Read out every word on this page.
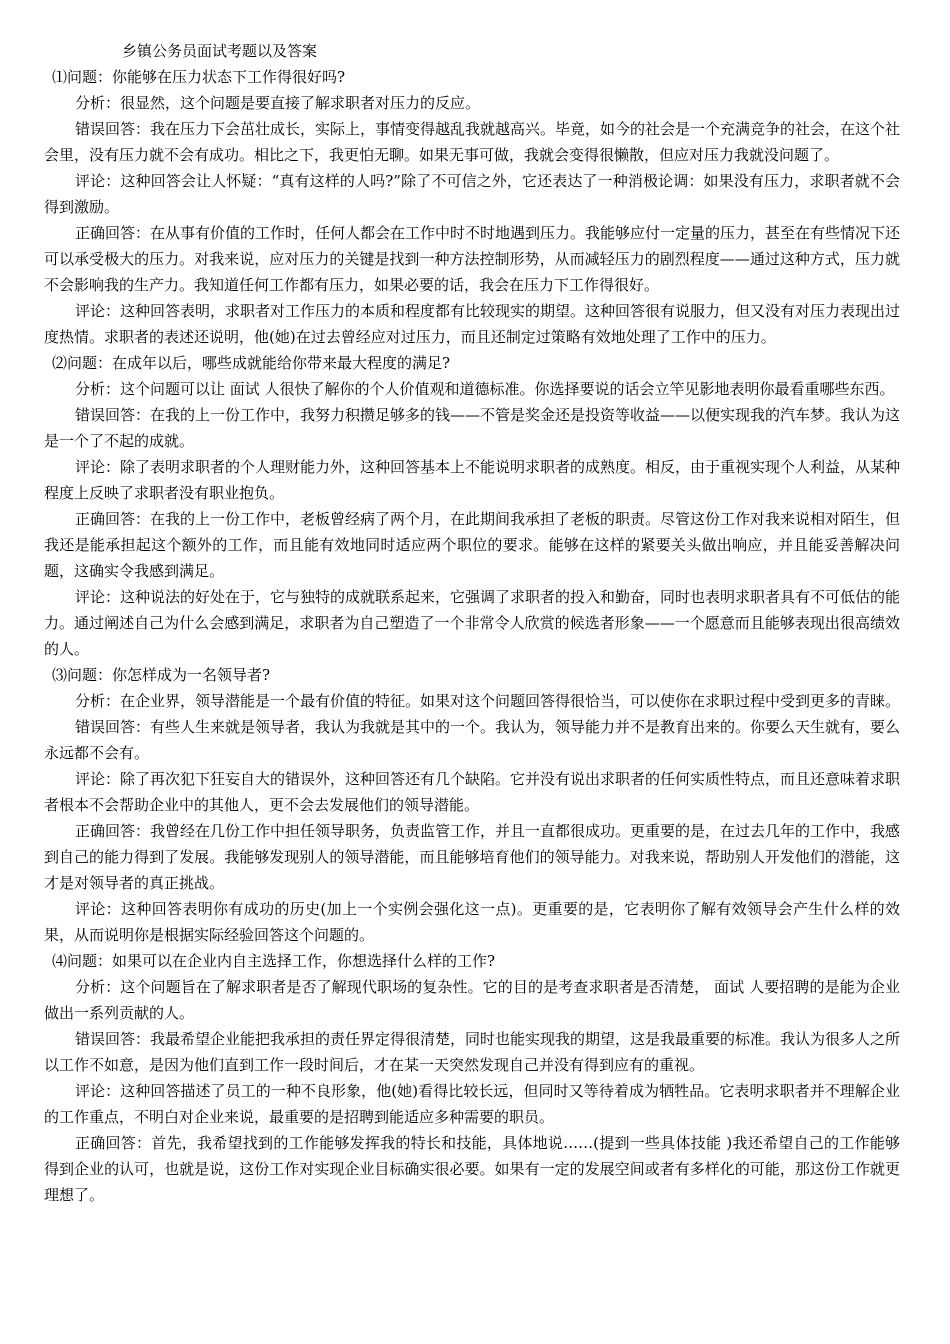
乡镇公务员面试考题以及答案

⑴问题：你能够在压力状态下工作得很好吗?

分析：很显然，这个问题是要直接了解求职者对压力的反应。

错误回答：我在压力下会茁壮成长，实际上，事情变得越乱我就越高兴。毕竟，如今的社会是一个充满竞争的社会，在这个社会里，没有压力就不会有成功。相比之下，我更怕无聊。如果无事可做，我就会变得很懒散，但应对压力我就没问题了。

评论：这种回答会让人怀疑：“真有这样的人吗?”除了不可信之外，它还表达了一种消极论调：如果没有压力，求职者就不会得到激励。

正确回答：在从事有价值的工作时，任何人都会在工作中时不时地遇到压力。我能够应付一定量的压力，甚至在有些情况下还可以承受极大的压力。对我来说，应对压力的关键是找到一种方法控制形势，从而减轻压力的剧烈程度——通过这种方式，压力就不会影响我的生产力。我知道任何工作都有压力，如果必要的话，我会在压力下工作得很好。

评论：这种回答表明，求职者对工作压力的本质和程度都有比较现实的期望。这种回答很有说服力，但又没有对压力表现出过度热情。求职者的表述还说明，他(她)在过去曾经应对过压力，而且还制定过策略有效地处理了工作中的压力。

⑵问题：在成年以后，哪些成就能给你带来最大程度的满足?

分析：这个问题可以让 面试 人很快了解你的个人价值观和道德标准。你选择要说的话会立竿见影地表明你最看重哪些东西。

错误回答：在我的上一份工作中，我努力积攒足够多的钱——不管是奖金还是投资等收益——以便实现我的汽车梦。我认为这是一个了不起的成就。

评论：除了表明求职者的个人理财能力外，这种回答基本上不能说明求职者的成熟度。相反，由于重视实现个人利益，从某种程度上反映了求职者没有职业抱负。

正确回答：在我的上一份工作中，老板曾经病了两个月，在此期间我承担了老板的职责。尽管这份工作对我来说相对陌生，但我还是能承担起这个额外的工作，而且能有效地同时适应两个职位的要求。能够在这样的紧要关头做出响应，并且能妥善解决问题，这确实令我感到满足。

评论：这种说法的好处在于，它与独特的成就联系起来，它强调了求职者的投入和勤奋，同时也表明求职者具有不可低估的能力。通过阐述自己为什么会感到满足，求职者为自己塑造了一个非常令人欣赏的候选者形象——一个愿意而且能够表现出很高绩效的人。

⑶问题：你怎样成为一名领导者?

分析：在企业界，领导潜能是一个最有价值的特征。如果对这个问题回答得很恰当，可以使你在求职过程中受到更多的青睐。

错误回答：有些人生来就是领导者，我认为我就是其中的一个。我认为，领导能力并不是教育出来的。你要么天生就有，要么永远都不会有。

评论：除了再次犯下狂妄自大的错误外，这种回答还有几个缺陷。它并没有说出求职者的任何实质性特点，而且还意味着求职者根本不会帮助企业中的其他人，更不会去发展他们的领导潜能。

正确回答：我曾经在几份工作中担任领导职务，负责监管工作，并且一直都很成功。更重要的是，在过去几年的工作中，我感到自己的能力得到了发展。我能够发现别人的领导潜能，而且能够培育他们的领导能力。对我来说，帮助别人开发他们的潜能，这才是对领导者的真正挑战。

评论：这种回答表明你有成功的历史(加上一个实例会强化这一点)。更重要的是，它表明你了解有效领导会产生什么样的效果，从而说明你是根据实际经验回答这个问题的。

⑷问题：如果可以在企业内自主选择工作，你想选择什么样的工作?

分析：这个问题旨在了解求职者是否了解现代职场的复杂性。它的目的是考查求职者是否清楚， 面试 人要招聘的是能为企业做出一系列贡献的人。

错误回答：我最希望企业能把我承担的责任界定得很清楚，同时也能实现我的期望，这是我最重要的标准。我认为很多人之所以工作不如意，是因为他们直到工作一段时间后，才在某一天突然发现自己并没有得到应有的重视。

评论：这种回答描述了员工的一种不良形象，他(她)看得比较长远，但同时又等待着成为牺牲品。它表明求职者并不理解企业的工作重点，不明白对企业来说，最重要的是招聘到能适应多种需要的职员。

正确回答：首先，我希望找到的工作能够发挥我的特长和技能，具体地说……(提到一些具体技能 )我还希望自己的工作能够得到企业的认可，也就是说，这份工作对实现企业目标确实很必要。如果有一定的发展空间或者有多样化的可能，那这份工作就更理想了。
